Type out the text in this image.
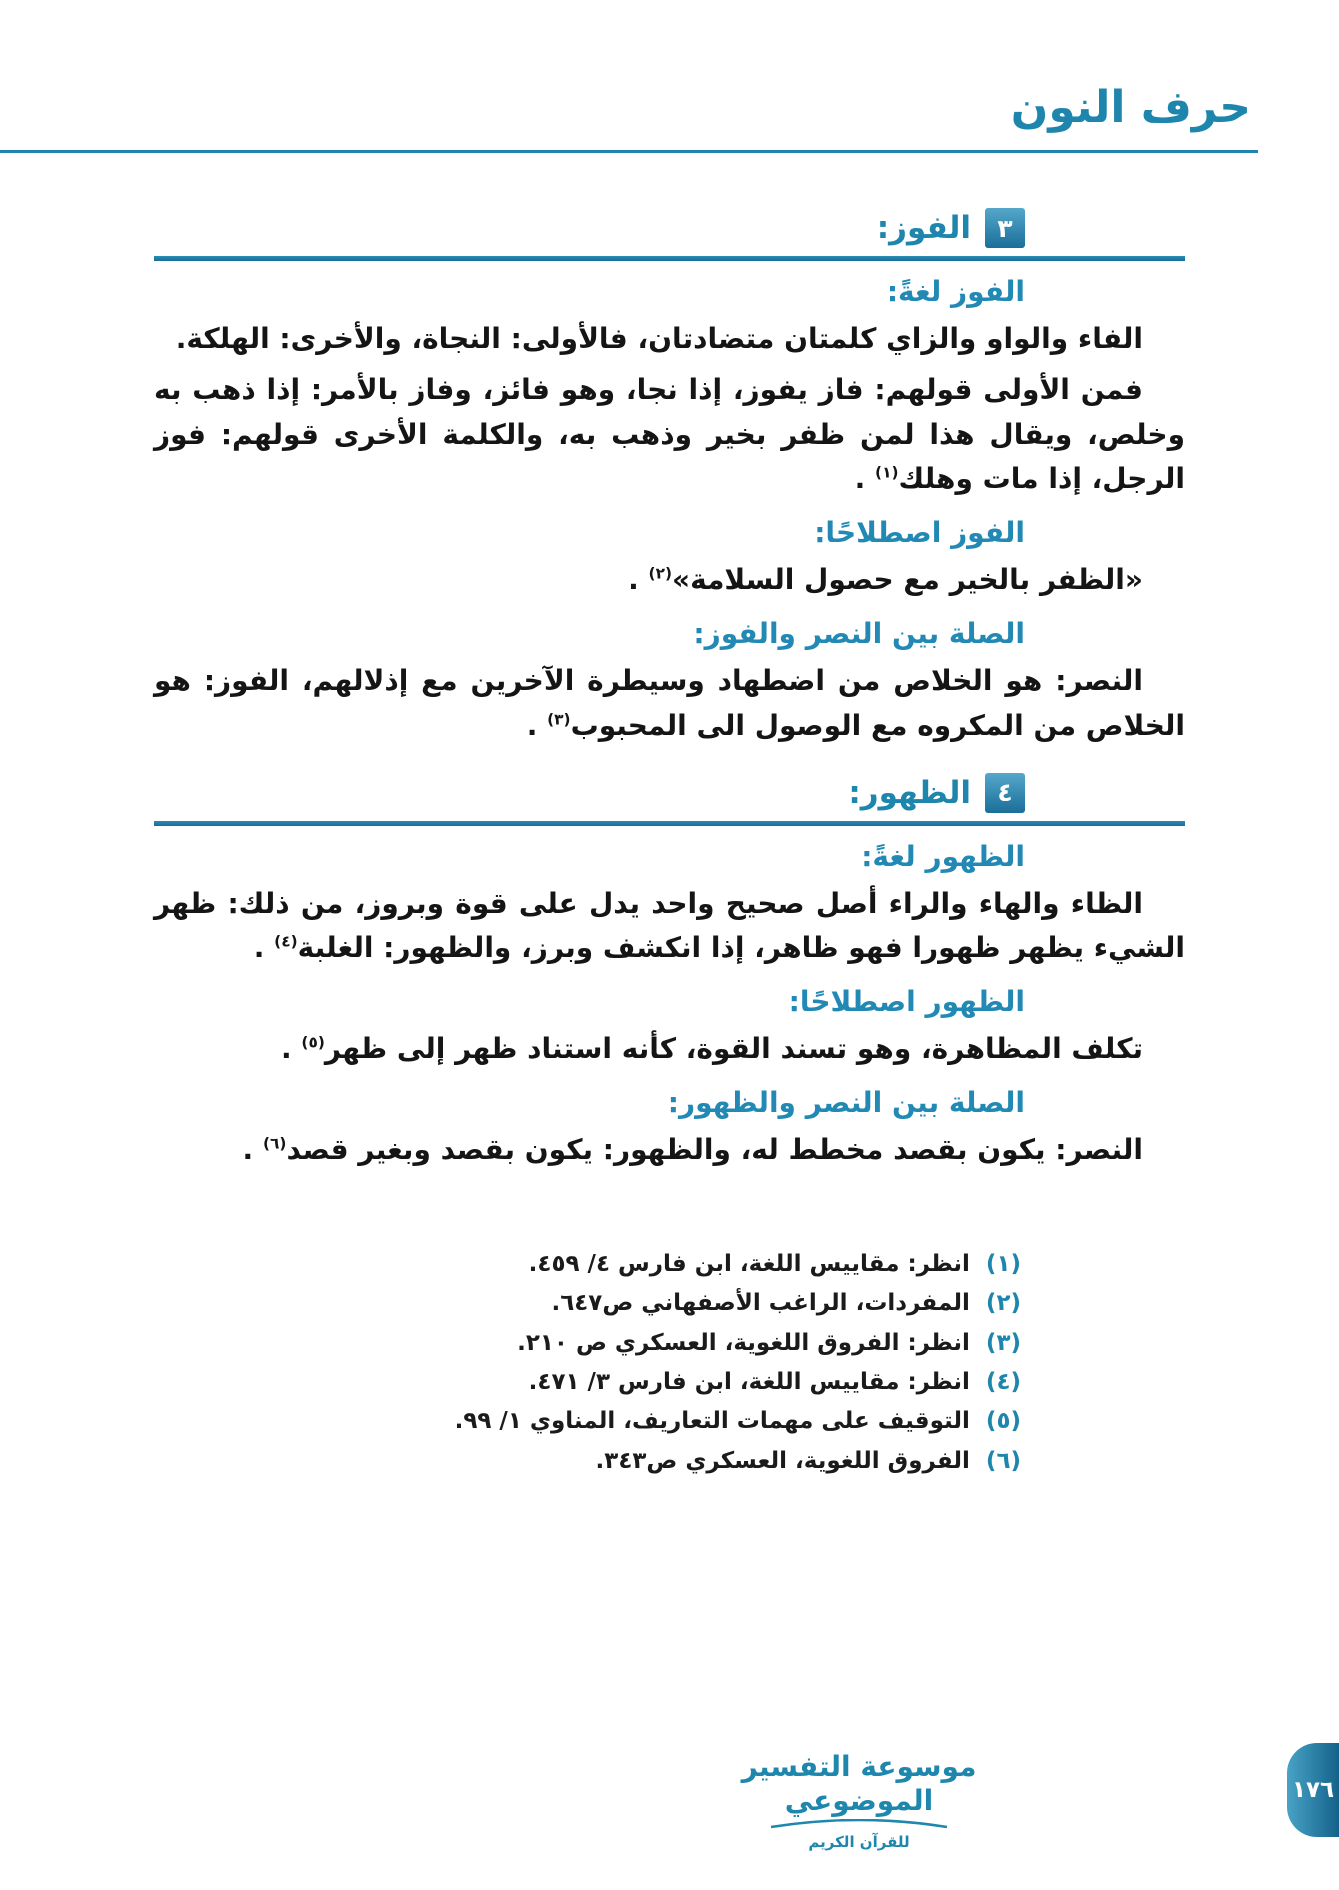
حرف النون
٣
الفوز:
الفوز لغةً:

الفاء والواو والزاي كلمتان متضادتان، فالأولى: النجاة، والأخرى: الهلكة.

فمن الأولى قولهم: فاز يفوز، إذا نجا، وهو فائز، وفاز بالأمر: إذا ذهب به وخلص، ويقال هذا لمن ظفر بخير وذهب به، والكلمة الأخرى قولهم: فوز الرجل، إذا مات وهلك$^{(١)}$ .

الفوز اصطلاحًا:

«الظفر بالخير مع حصول السلامة»$^{(٢)}$ .

الصلة بين النصر والفوز:

النصر: هو الخلاص من اضطهاد وسيطرة الآخرين مع إذلالهم، الفوز: هو الخلاص من المكروه مع الوصول الى المحبوب$^{(٣)}$ .

٤
الظهور:
الظهور لغةً:

الظاء والهاء والراء أصل صحيح واحد يدل على قوة وبروز، من ذلك: ظهر الشيء يظهر ظهورا فهو ظاهر، إذا انكشف وبرز، والظهور: الغلبة$^{(٤)}$ .

الظهور اصطلاحًا:

تكلف المظاهرة، وهو تسند القوة، كأنه استناد ظهر إلى ظهر$^{(٥)}$ .

الصلة بين النصر والظهور:

النصر: يكون بقصد مخطط له، والظهور: يكون بقصد وبغير قصد$^{(٦)}$ .

(١)انظر: مقاييس اللغة، ابن فارس ٤/ ٤٥٩.
(٢)المفردات، الراغب الأصفهاني ص٦٤٧.
(٣)انظر: الفروق اللغوية، العسكري ص ٢١٠.
(٤)انظر: مقاييس اللغة، ابن فارس ٣/ ٤٧١.
(٥)التوقيف على مهمات التعاريف، المناوي ١/ ٩٩.
(٦)الفروق اللغوية، العسكري ص٣٤٣.
موسوعة التفسير الموضوعي
للقرآن الكريم
١٧٦
